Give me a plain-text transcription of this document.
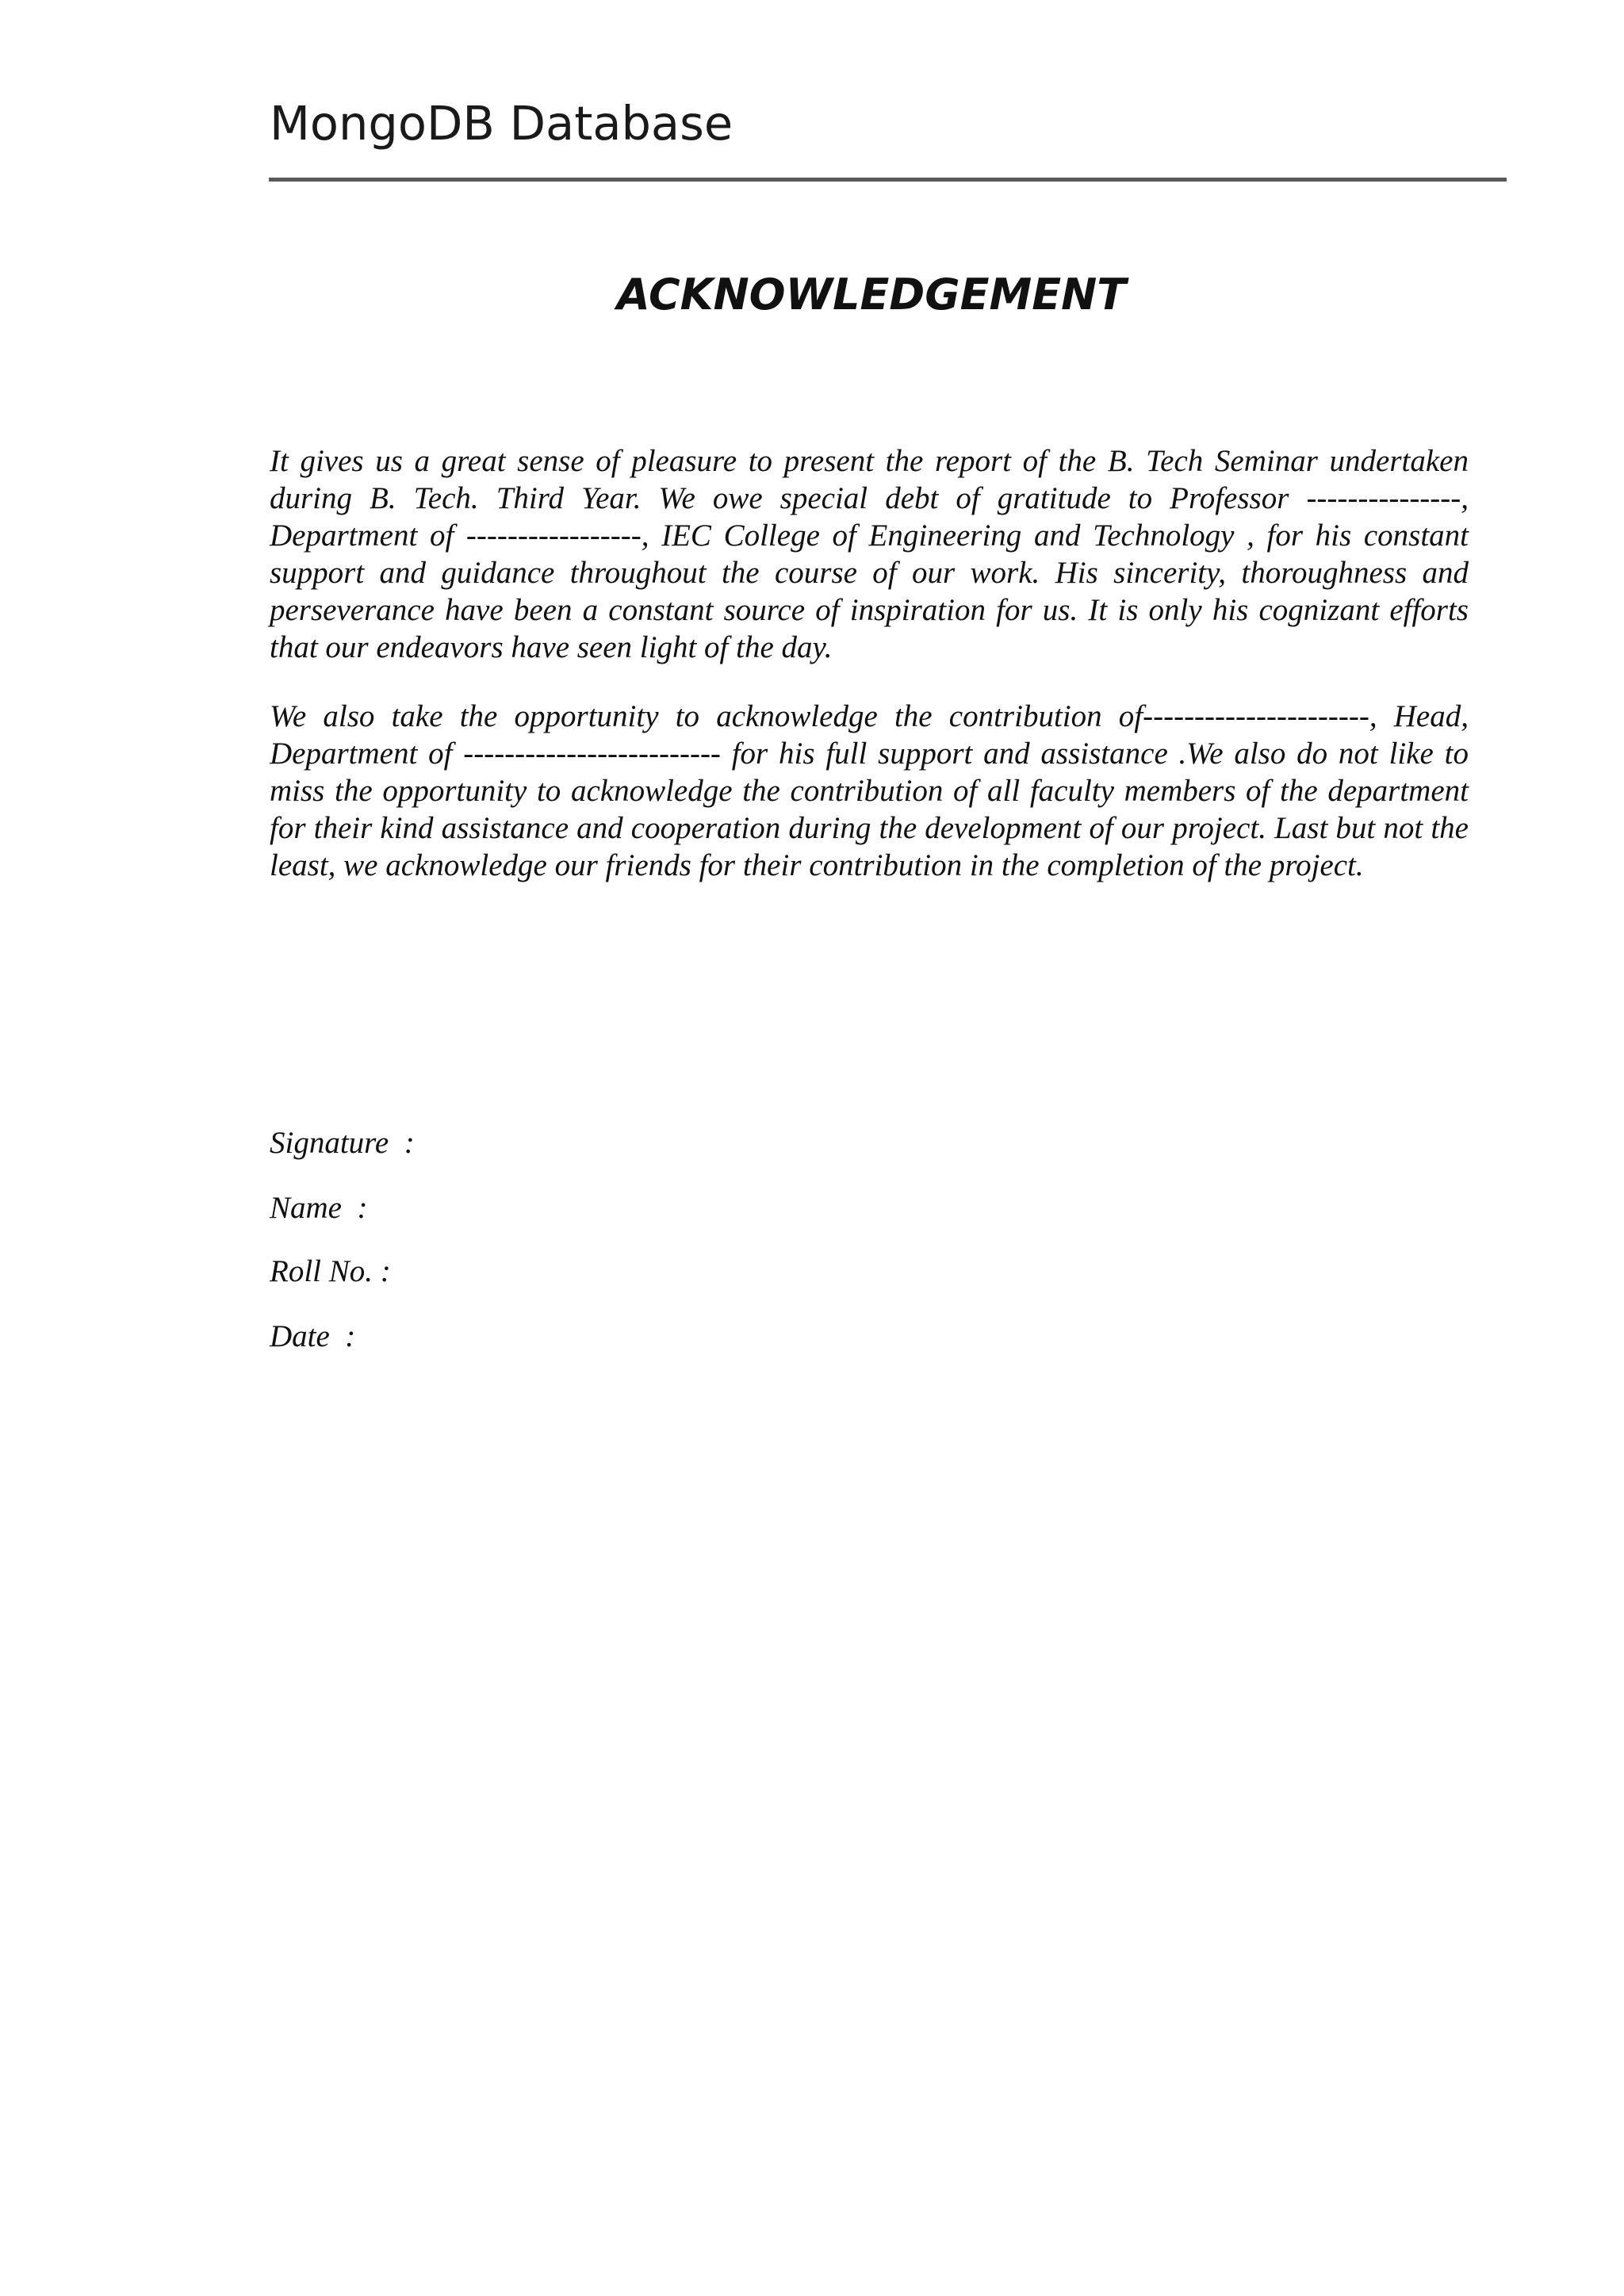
MongoDB Database
ACKNOWLEDGEMENT

It gives us a great sense of pleasure to present the report of the B. Tech Seminar undertaken during B. Tech. Third Year. We owe special debt of gratitude to Professor ---------------, Department of -----------------, IEC College of Engineering and Technology , for his constant support and guidance throughout the course of our work. His sincerity, thoroughness and perseverance have been a constant source of inspiration for us. It is only his cognizant efforts that our endeavors have seen light of the day.

We also take the opportunity to acknowledge the contribution of----------------------, Head, Department of ------------------------- for his full support and assistance .We also do not like to miss the opportunity to acknowledge the contribution of all faculty members of the department for their kind assistance and cooperation during the development of our project. Last but not the least, we acknowledge our friends for their contribution in the completion of the project.

Signature  :
Name  :
Roll No. :
Date  :
